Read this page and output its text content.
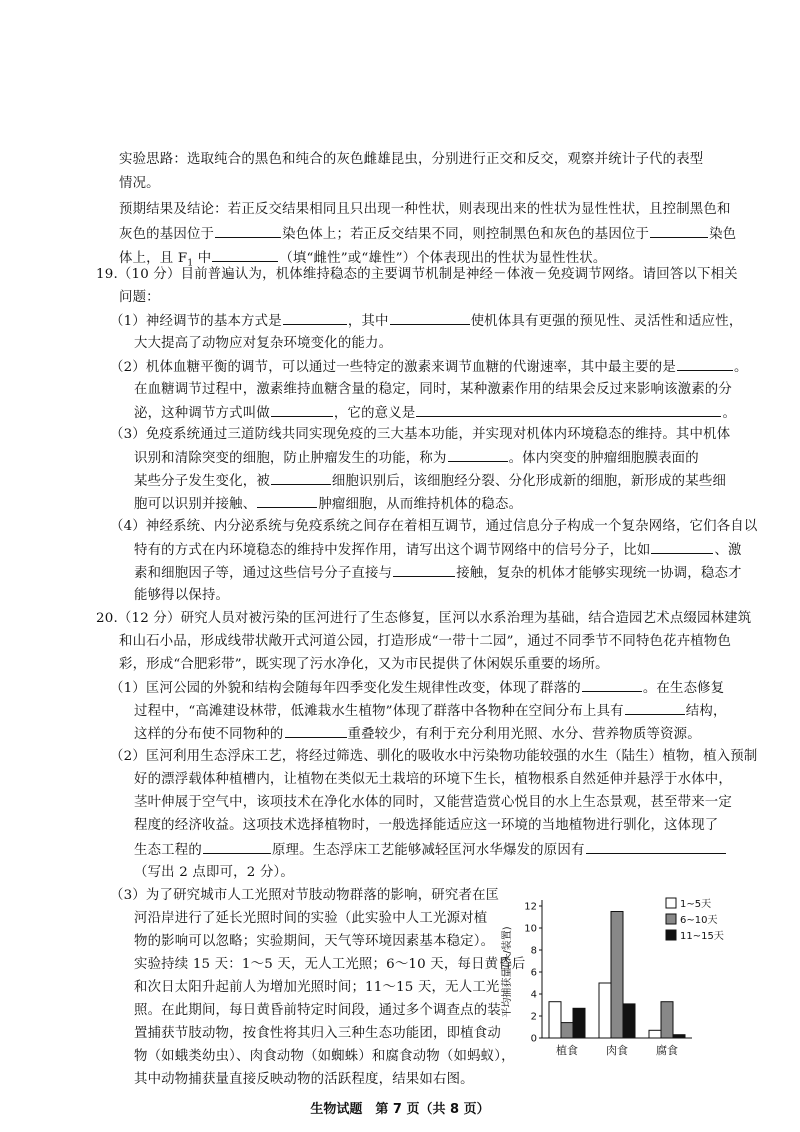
实验思路：选取纯合的黑色和纯合的灰色雌雄昆虫，分别进行正交和反交，观察并统计子代的表型
情况。
预期结果及结论：若正反交结果相同且只出现一种性状，则表现出来的性状为显性性状，且控制黑色和
灰色的基因位于	染色体上；若正反交结果不同，则控制黑色和灰色的基因位于	染色
体上，且 $F_1$ 中	（填“雌性”或“雄性”）个体表现出的性状为显性性状。
19.（10 分）目前普遍认为，机体维持稳态的主要调节机制是神经－体液－免疫调节网络。请回答以下相关
问题：
（1）神经调节的基本方式是	，其中	使机体具有更强的预见性、灵活性和适应性，
大大提高了动物应对复杂环境变化的能力。
（2）机体血糖平衡的调节，可以通过一些特定的激素来调节血糖的代谢速率，其中最主要的是	。
在血糖调节过程中，激素维持血糖含量的稳定，同时，某种激素作用的结果会反过来影响该激素的分
泌，这种调节方式叫做	，它的意义是	。
（3）免疫系统通过三道防线共同实现免疫的三大基本功能，并实现对机体内环境稳态的维持。其中机体
识别和清除突变的细胞，防止肿瘤发生的功能，称为	。体内突变的肿瘤细胞膜表面的
某些分子发生变化，被	细胞识别后，该细胞经分裂、分化形成新的细胞，新形成的某些细
胞可以识别并接触、	肿瘤细胞，从而维持机体的稳态。
（4）神经系统、内分泌系统与免疫系统之间存在着相互调节，通过信息分子构成一个复杂网络，它们各自以
特有的方式在内环境稳态的维持中发挥作用，请写出这个调节网络中的信号分子，比如	、激
素和细胞因子等，通过这些信号分子直接与	接触，复杂的机体才能够实现统一协调，稳态才
能够得以保持。
20.（12 分）研究人员对被污染的匡河进行了生态修复，匡河以水系治理为基础，结合造园艺术点缀园林建筑
和山石小品，形成线带状敞开式河道公园，打造形成“一带十二园”，通过不同季节不同特色花卉植物色
彩，形成“合肥彩带”，既实现了污水净化，又为市民提供了休闲娱乐重要的场所。
（1）匡河公园的外貌和结构会随每年四季变化发生规律性改变，体现了群落的	。在生态修复
过程中，“高滩建设林带，低滩栽水生植物”体现了群落中各物种在空间分布上具有	结构，
这样的分布使不同物种的	重叠较少，有利于充分利用光照、水分、营养物质等资源。
（2）匡河利用生态浮床工艺，将经过筛选、驯化的吸收水中污染物功能较强的水生（陆生）植物，植入预制
好的漂浮载体种植槽内，让植物在类似无土栽培的环境下生长，植物根系自然延伸并悬浮于水体中，
茎叶伸展于空气中，该项技术在净化水体的同时，又能营造赏心悦目的水上生态景观，甚至带来一定
程度的经济收益。这项技术选择植物时，一般选择能适应这一环境的当地植物进行驯化，这体现了
生态工程的	原理。生态浮床工艺能够减轻匡河水华爆发的原因有
（写出 2 点即可，2 分）。
（3）为了研究城市人工光照对节肢动物群落的影响，研究者在匡
河沿岸进行了延长光照时间的实验（此实验中人工光源对植
物的影响可以忽略；实验期间，天气等环境因素基本稳定）。
实验持续 15 天：1～5 天，无人工光照；6～10 天，每日黄昏后
和次日太阳升起前人为增加光照时间；11～15 天，无人工光
照。在此期间，每日黄昏前特定时间段，通过多个调查点的装
置捕获节肢动物，按食性将其归入三种生态功能团，即植食动
物（如蛾类幼虫）、肉食动物（如蜘蛛）和腐食动物（如蚂蚁），
其中动物捕获量直接反映动物的活跃程度，结果如右图。
0
2
4
6
8
10
12
平均捕获量(头/装置)
植食	肉食	腐食
1~5天
6~10天
11~15天
生物试题　第 7 页（共 8 页）
